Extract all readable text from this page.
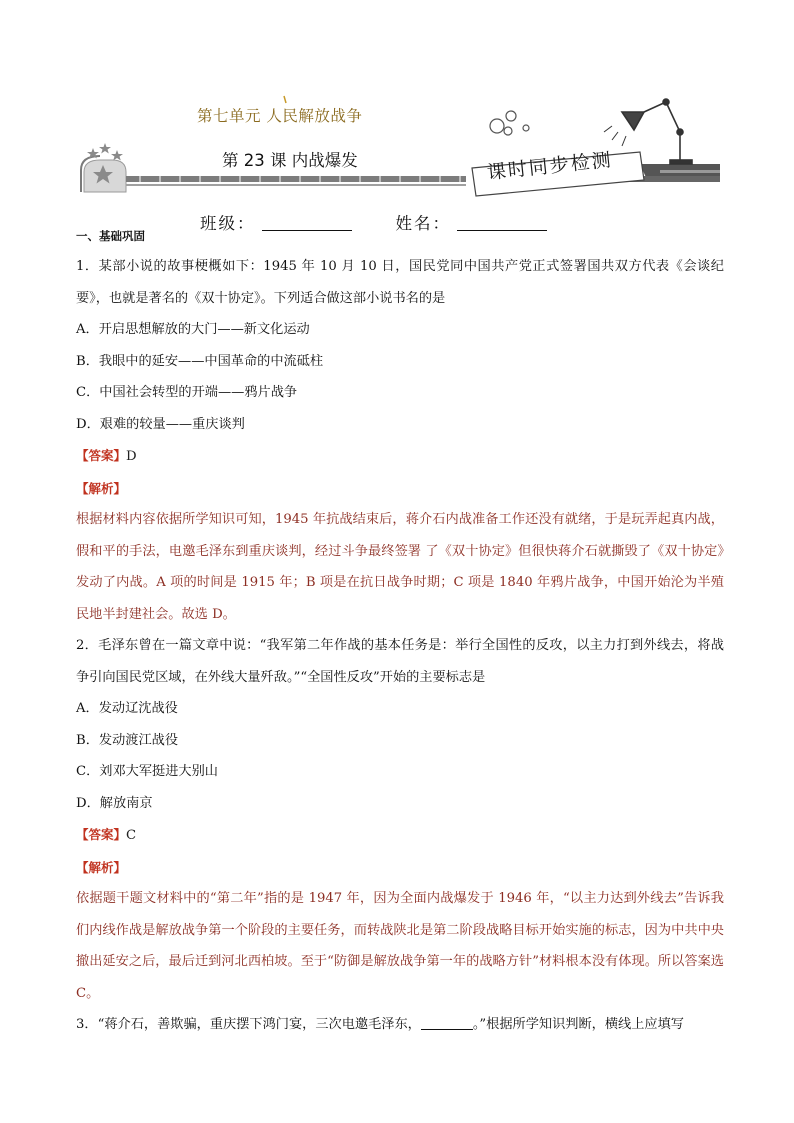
第七单元 人民解放战争
第 23 课 内战爆发	课时同步检测
班级：	姓名：
一、基础巩固
1．某部小说的故事梗概如下：1945 年 10 月 10 日，国民党同中国共产党正式签署国共双方代表《会谈纪要》，也就是著名的《双十协定》。下列适合做这部小说书名的是
A．开启思想解放的大门——新文化运动
B．我眼中的延安——中国革命的中流砥柱
C．中国社会转型的开端——鸦片战争
D．艰难的较量——重庆谈判
【答案】D
【解析】
根据材料内容依据所学知识可知，1945 年抗战结束后，蒋介石内战准备工作还没有就绪，于是玩弄起真内战，假和平的手法，电邀毛泽东到重庆谈判，经过斗争最终签署 了《双十协定》但很快蒋介石就撕毁了《双十协定》发动了内战。A 项的时间是 1915 年；B 项是在抗日战争时期；C 项是 1840 年鸦片战争，中国开始沦为半殖民地半封建社会。故选 D。
2．毛泽东曾在一篇文章中说：“我军第二年作战的基本任务是：举行全国性的反攻，以主力打到外线去，将战争引向国民党区域，在外线大量歼敌。”“全国性反攻”开始的主要标志是
A．发动辽沈战役
B．发动渡江战役
C．刘邓大军挺进大别山
D．解放南京
【答案】C
【解析】
依据题干题文材料中的“第二年”指的是 1947 年，因为全面内战爆发于 1946 年，“以主力达到外线去”告诉我们内线作战是解放战争第一个阶段的主要任务，而转战陕北是第二阶段战略目标开始实施的标志，因为中共中央撤出延安之后，最后迁到河北西柏坡。至于“防御是解放战争第一年的战略方针”材料根本没有体现。所以答案选 C。
3．“蒋介石，善欺骗，重庆摆下鸿门宴，三次电邀毛泽东，	。”根据所学知识判断，横线上应填写
